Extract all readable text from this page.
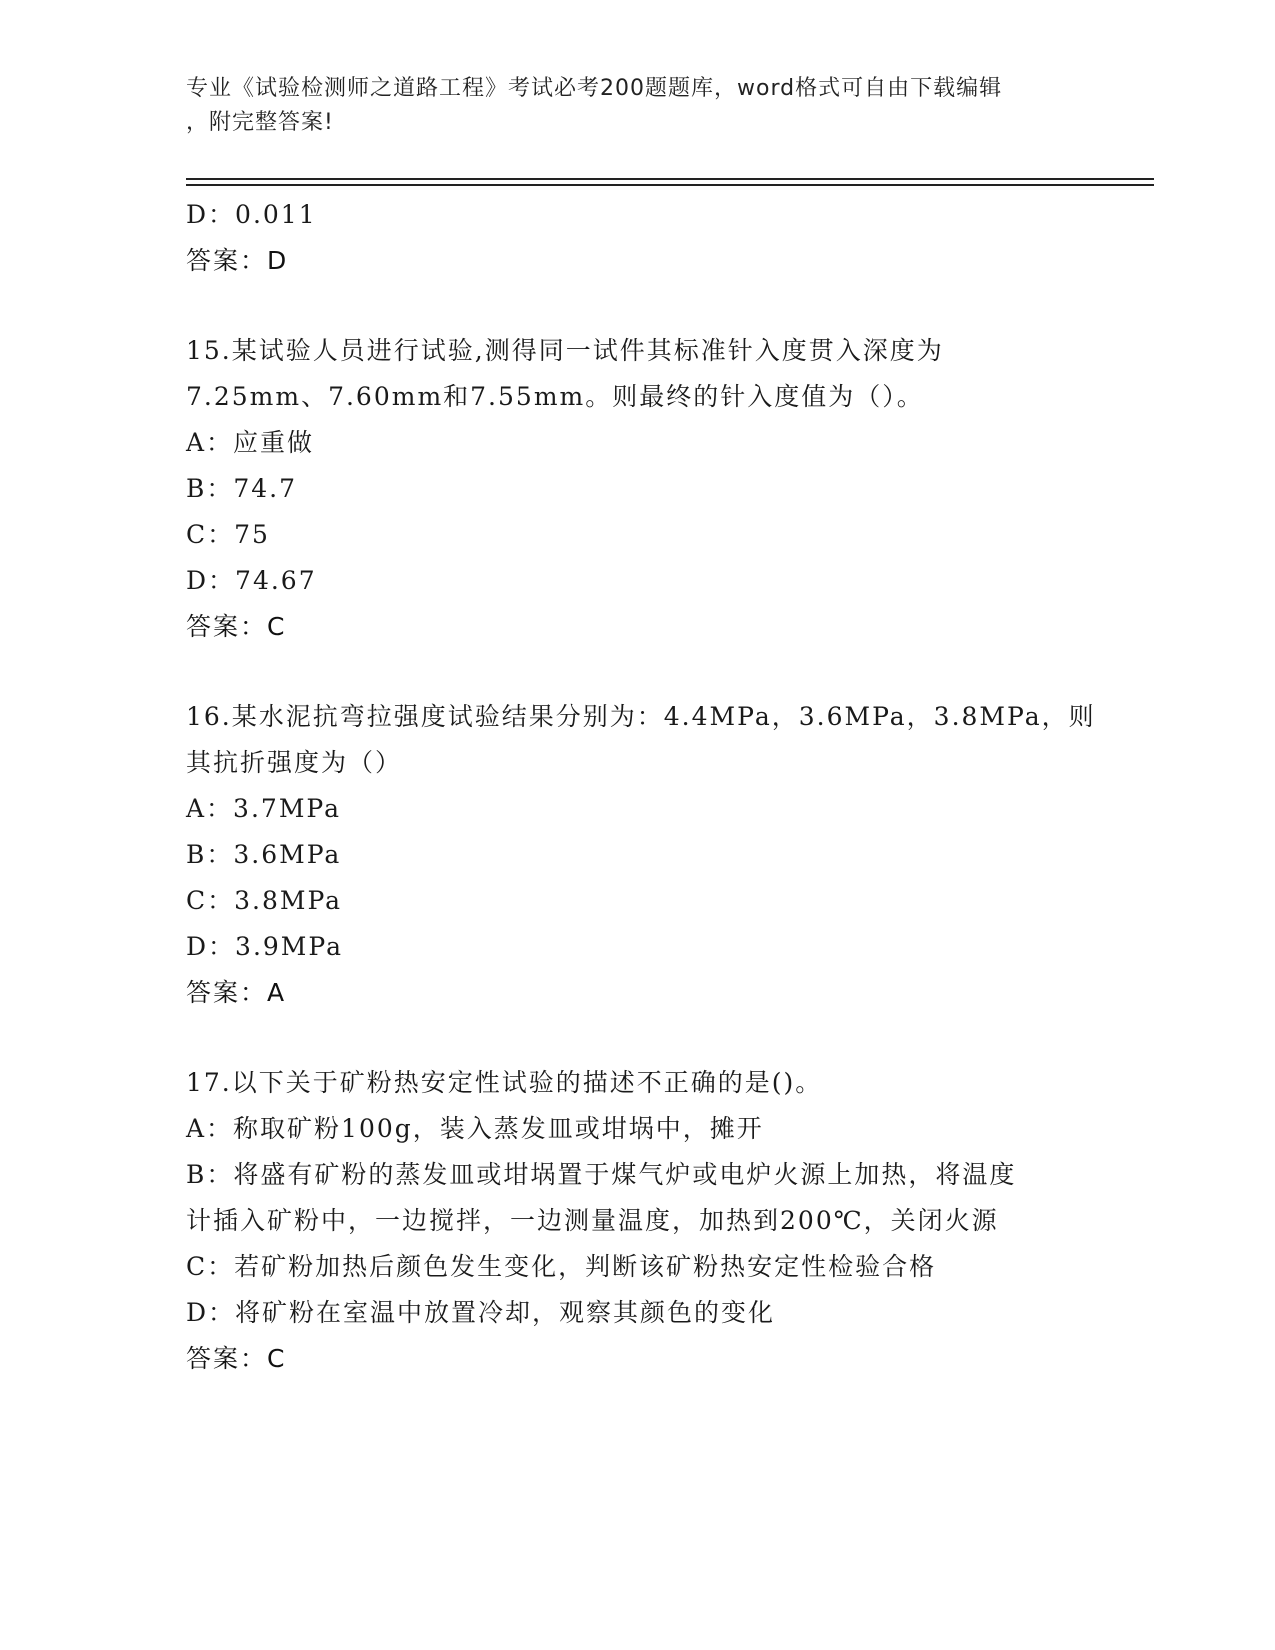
专业《试验检测师之道路工程》考试必考200题题库，word格式可自由下载编辑
，附完整答案!
D：0.011
答案：D
15.某试验人员进行试验,测得同一试件其标准针入度贯入深度为
7.25mm、7.60mm和7.55mm。则最终的针入度值为（）。
A：应重做
B：74.7
C：75
D：74.67
答案：C
16.某水泥抗弯拉强度试验结果分别为：4.4MPa，3.6MPa，3.8MPa，则
其抗折强度为（）
A：3.7MPa
B：3.6MPa
C：3.8MPa
D：3.9MPa
答案：A
17.以下关于矿粉热安定性试验的描述不正确的是()。
A：称取矿粉100g，装入蒸发皿或坩埚中，摊开
B：将盛有矿粉的蒸发皿或坩埚置于煤气炉或电炉火源上加热，将温度
计插入矿粉中，一边搅拌，一边测量温度，加热到200℃，关闭火源
C：若矿粉加热后颜色发生变化，判断该矿粉热安定性检验合格
D：将矿粉在室温中放置冷却，观察其颜色的变化
答案：C
